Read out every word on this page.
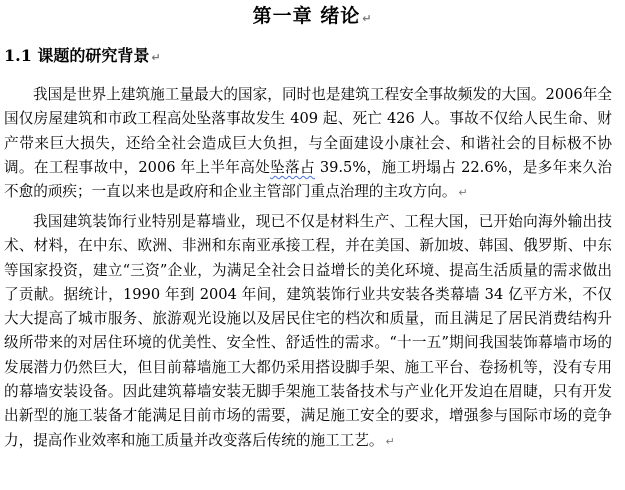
第一章 绪论 ↵
1.1 课题的研究背景 ↵

我国是世界上建筑施工量最大的国家，同时也是建筑工程安全事故频发的大国。2006年全国仅房屋建筑和市政工程高处坠落事故发生 409 起、死亡 426 人。事故不仅给人民生命、财产带来巨大损失，还给全社会造成巨大负担，与全面建设小康社会、和谐社会的目标极不协调。在工程事故中，2006 年上半年高处坠落占 39.5%，施工坍塌占 22.6%，是多年来久治不愈的顽疾；一直以来也是政府和企业主管部门重点治理的主攻方向。 ↵

我国建筑装饰行业特别是幕墙业，现已不仅是材料生产、工程大国，已开始向海外输出技术、材料，在中东、欧洲、非洲和东南亚承接工程，并在美国、新加坡、韩国、俄罗斯、中东等国家投资，建立“三资”企业，为满足全社会日益增长的美化环境、提高生活质量的需求做出了贡献。据统计，1990 年到 2004 年间，建筑装饰行业共安装各类幕墙 34 亿平方米，不仅大大提高了城市服务、旅游观光设施以及居民住宅的档次和质量，而且满足了居民消费结构升级所带来的对居住环境的优美性、安全性、舒适性的需求。“十一五”期间我国装饰幕墙市场的发展潜力仍然巨大，但目前幕墙施工大都仍采用搭设脚手架、施工平台、卷扬机等，没有专用的幕墙安装设备。因此建筑幕墙安装无脚手架施工装备技术与产业化开发迫在眉睫，只有开发出新型的施工装备才能满足目前市场的需要，满足施工安全的要求，增强参与国际市场的竞争力，提高作业效率和施工质量并改变落后传统的施工工艺。 ↵
